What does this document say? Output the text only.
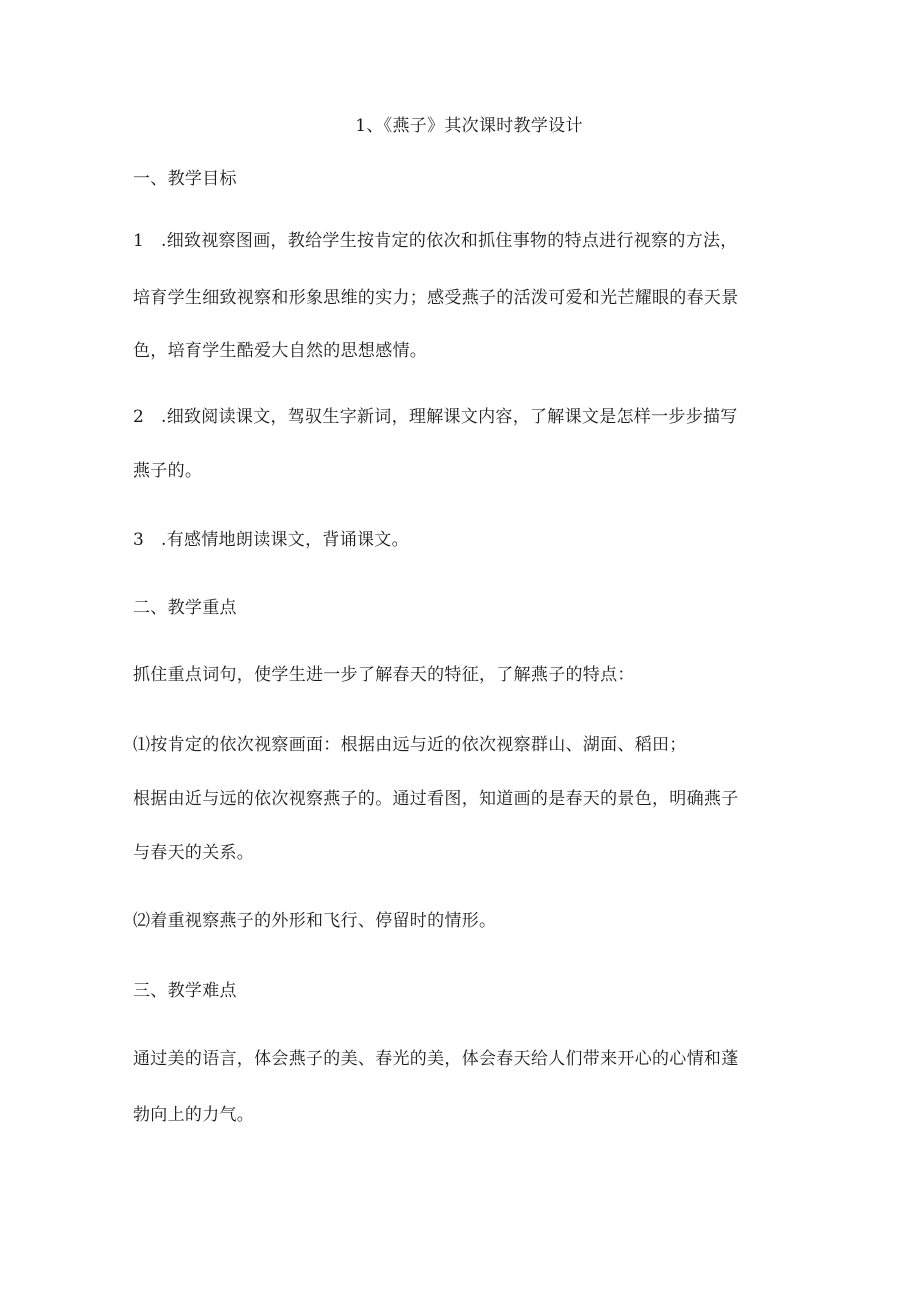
1、《燕子》其次课时教学设计
一、教学目标
1 .细致视察图画，教给学生按肯定的依次和抓住事物的特点进行视察的方法，
培育学生细致视察和形象思维的实力；感受燕子的活泼可爱和光芒耀眼的春天景
色，培育学生酷爱大自然的思想感情。
2 .细致阅读课文，驾驭生字新词，理解课文内容，了解课文是怎样一步步描写
燕子的。
3 .有感情地朗读课文，背诵课文。
二、教学重点
抓住重点词句，使学生进一步了解春天的特征，了解燕子的特点：
⑴按肯定的依次视察画面：根据由远与近的依次视察群山、湖面、稻田；
根据由近与远的依次视察燕子的。通过看图，知道画的是春天的景色，明确燕子
与春天的关系。
⑵着重视察燕子的外形和飞行、停留时的情形。
三、教学难点
通过美的语言，体会燕子的美、春光的美，体会春天给人们带来开心的心情和蓬
勃向上的力气。
